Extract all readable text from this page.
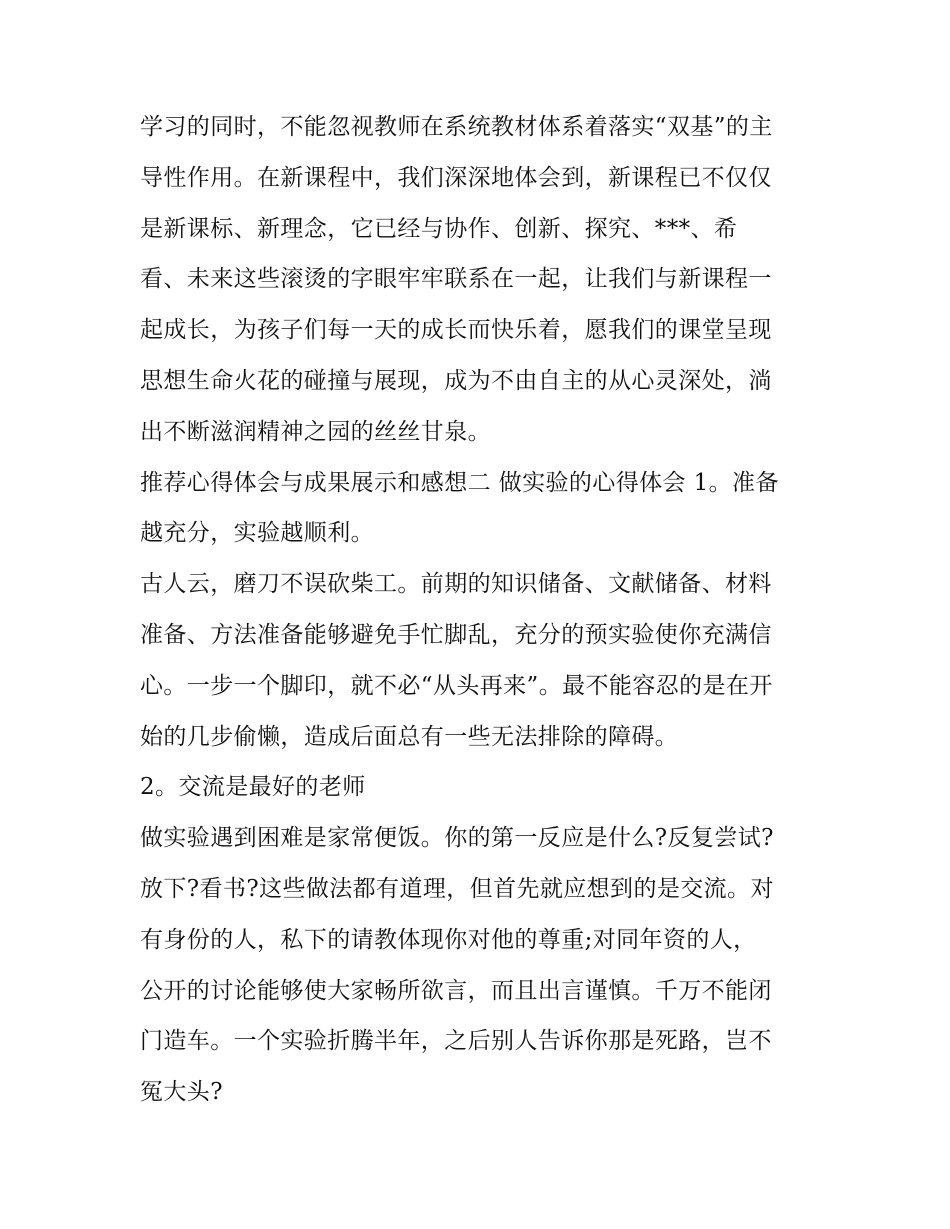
学习的同时，不能忽视教师在系统教材体系着落实“双基”的主
导性作用。在新课程中，我们深深地体会到，新课程已不仅仅
是新课标、新理念，它已经与协作、创新、探究、***、希
看、未来这些滚烫的字眼牢牢联系在一起，让我们与新课程一
起成长，为孩子们每一天的成长而快乐着，愿我们的课堂呈现
思想生命火花的碰撞与展现，成为不由自主的从心灵深处，淌
出不断滋润精神之园的丝丝甘泉。
推荐心得体会与成果展示和感想二 做实验的心得体会 1。准备
越充分，实验越顺利。
古人云，磨刀不误砍柴工。前期的知识储备、文献储备、材料
准备、方法准备能够避免手忙脚乱，充分的预实验使你充满信
心。一步一个脚印，就不必“从头再来”。最不能容忍的是在开
始的几步偷懒，造成后面总有一些无法排除的障碍。
2。交流是最好的老师
做实验遇到困难是家常便饭。你的第一反应是什么?反复尝试?
放下?看书?这些做法都有道理，但首先就应想到的是交流。对
有身份的人，私下的请教体现你对他的尊重;对同年资的人，
公开的讨论能够使大家畅所欲言，而且出言谨慎。千万不能闭
门造车。一个实验折腾半年，之后别人告诉你那是死路，岂不
冤大头?
